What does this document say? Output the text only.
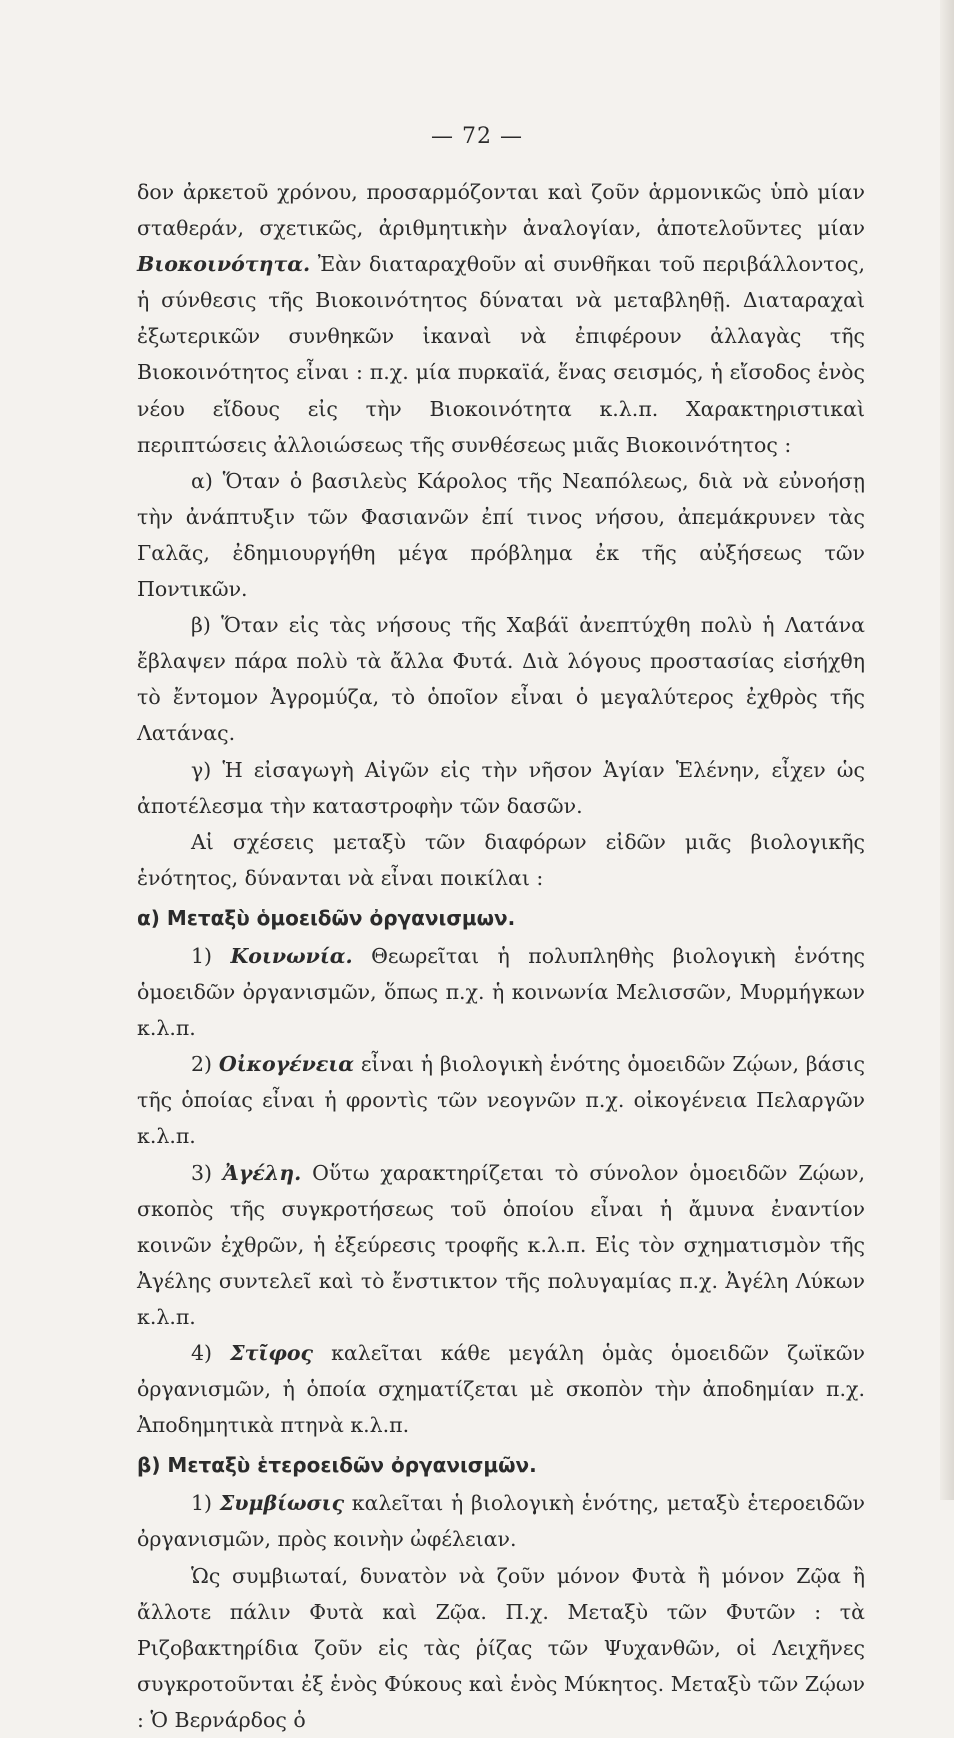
— 72 —

δον ἀρκετοῦ χρόνου, προσαρμόζονται καὶ ζοῦν ἁρμονικῶς ὑπὸ μίαν σταθεράν, σχετικῶς, ἀριθμητικὴν ἀναλογίαν, ἀποτελοῦντες μίαν Βιοκοινότητα. Ἐὰν διαταραχθοῦν αἱ συνθῆκαι τοῦ περιβάλλοντος, ἡ σύνθεσις τῆς Βιοκοινότητος δύναται νὰ μεταβληθῇ. Διαταραχαὶ ἐξωτερικῶν συνθηκῶν ἱκαναὶ νὰ ἐπιφέρουν ἀλλαγὰς τῆς Βιοκοινότητος εἶναι : π.χ. μία πυρκαϊά, ἕνας σεισμός, ἡ εἴσοδος ἑνὸς νέου εἴδους εἰς τὴν Βιοκοινότητα κ.λ.π. Χαρακτηριστικαὶ περιπτώσεις ἀλλοιώσεως τῆς συνθέσεως μιᾶς Βιοκοινότητος :

α) Ὅταν ὁ βασιλεὺς Κάρολος τῆς Νεαπόλεως, διὰ νὰ εὐνοήσῃ τὴν ἀνάπτυξιν τῶν Φασιανῶν ἐπί τινος νήσου, ἀπεμάκρυνεν τὰς Γαλᾶς, ἐδημιουργήθη μέγα πρόβλημα ἐκ τῆς αὐξήσεως τῶν Ποντικῶν.

β) Ὅταν εἰς τὰς νήσους τῆς Χαβάϊ ἀνεπτύχθη πολὺ ἡ Λατάνα ἔβλαψεν πάρα πολὺ τὰ ἄλλα Φυτά. Διὰ λόγους προστασίας εἰσήχθη τὸ ἔντομον Ἀγρομύζα, τὸ ὁποῖον εἶναι ὁ μεγαλύτερος ἐχθρὸς τῆς Λατάνας.

γ) Ἡ εἰσαγωγὴ Αἰγῶν εἰς τὴν νῆσον Ἁγίαν Ἑλένην, εἶχεν ὡς ἀποτέλεσμα τὴν καταστροφὴν τῶν δασῶν.

Αἱ σχέσεις μεταξὺ τῶν διαφόρων εἰδῶν μιᾶς βιολογικῆς ἑνότητος, δύνανται νὰ εἶναι ποικίλαι :

α) Μεταξὺ ὁμοειδῶν ὀργανισμων.

1) Κοινωνία. Θεωρεῖται ἡ πολυπληθὴς βιολογικὴ ἑνότης ὁμοειδῶν ὀργανισμῶν, ὅπως π.χ. ἡ κοινωνία Μελισσῶν, Μυρμήγκων κ.λ.π.

2) Οἰκογένεια εἶναι ἡ βιολογικὴ ἑνότης ὁμοειδῶν Ζῴων, βάσις τῆς ὁποίας εἶναι ἡ φροντὶς τῶν νεογνῶν π.χ. οἰκογένεια Πελαργῶν κ.λ.π.

3) Ἀγέλη. Οὕτω χαρακτηρίζεται τὸ σύνολον ὁμοειδῶν Ζῴων, σκοπὸς τῆς συγκροτήσεως τοῦ ὁποίου εἶναι ἡ ἄμυνα ἐναντίον κοινῶν ἐχθρῶν, ἡ ἐξεύρεσις τροφῆς κ.λ.π. Εἰς τὸν σχηματισμὸν τῆς Ἀγέλης συντελεῖ καὶ τὸ ἔνστικτον τῆς πολυγαμίας π.χ. Ἀγέλη Λύκων κ.λ.π.

4) Στῖφος καλεῖται κάθε μεγάλη ὁμὰς ὁμοειδῶν ζωϊκῶν ὀργανισμῶν, ἡ ὁποία σχηματίζεται μὲ σκοπὸν τὴν ἀποδημίαν π.χ. Ἀποδημητικὰ πτηνὰ κ.λ.π.

β) Μεταξὺ ἑτεροειδῶν ὀργανισμῶν.

1) Συμβίωσις καλεῖται ἡ βιολογικὴ ἑνότης, μεταξὺ ἑτεροειδῶν ὀργανισμῶν, πρὸς κοινὴν ὠφέλειαν.

Ὡς συμβιωταί, δυνατὸν νὰ ζοῦν μόνον Φυτὰ ἢ μόνον Ζῷα ἢ ἄλλοτε πάλιν Φυτὰ καὶ Ζῷα. Π.χ. Μεταξὺ τῶν Φυτῶν : τὰ Ριζοβακτηρίδια ζοῦν εἰς τὰς ῥίζας τῶν Ψυχανθῶν, οἱ Λειχῆνες συγκροτοῦνται ἐξ ἑνὸς Φύκους καὶ ἑνὸς Μύκητος. Μεταξὺ τῶν Ζῴων : Ὁ Βερνάρδος ὁ
